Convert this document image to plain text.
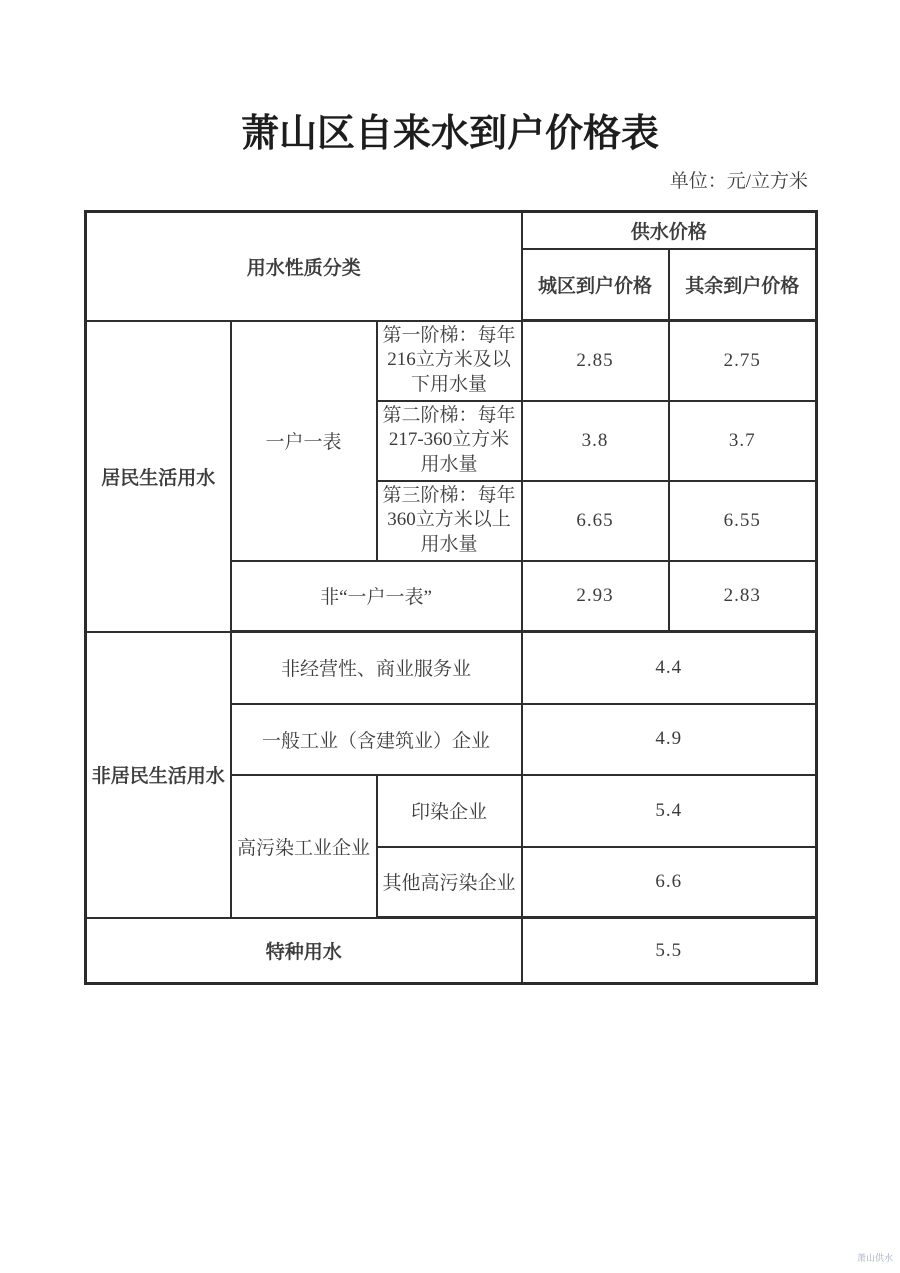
萧山区自来水到户价格表
单位：元/立方米
用水性质分类			供水价格	
			城区到户价格	其余到户价格
居民生活用水	一户一表	第一阶梯：每年216立方米及以下用水量	2.85	2.75
		第二阶梯：每年217-360立方米用水量	3.8	3.7
		第三阶梯：每年360立方米以上用水量	6.65	6.55
	非“一户一表”		2.93	2.83
非居民生活用水	非经营性、商业服务业		4.4	
	一般工业（含建筑业）企业		4.9	
	高污染工业企业	印染企业	5.4	
		其他高污染企业	6.6	
特种用水			5.5	
萧山供水
